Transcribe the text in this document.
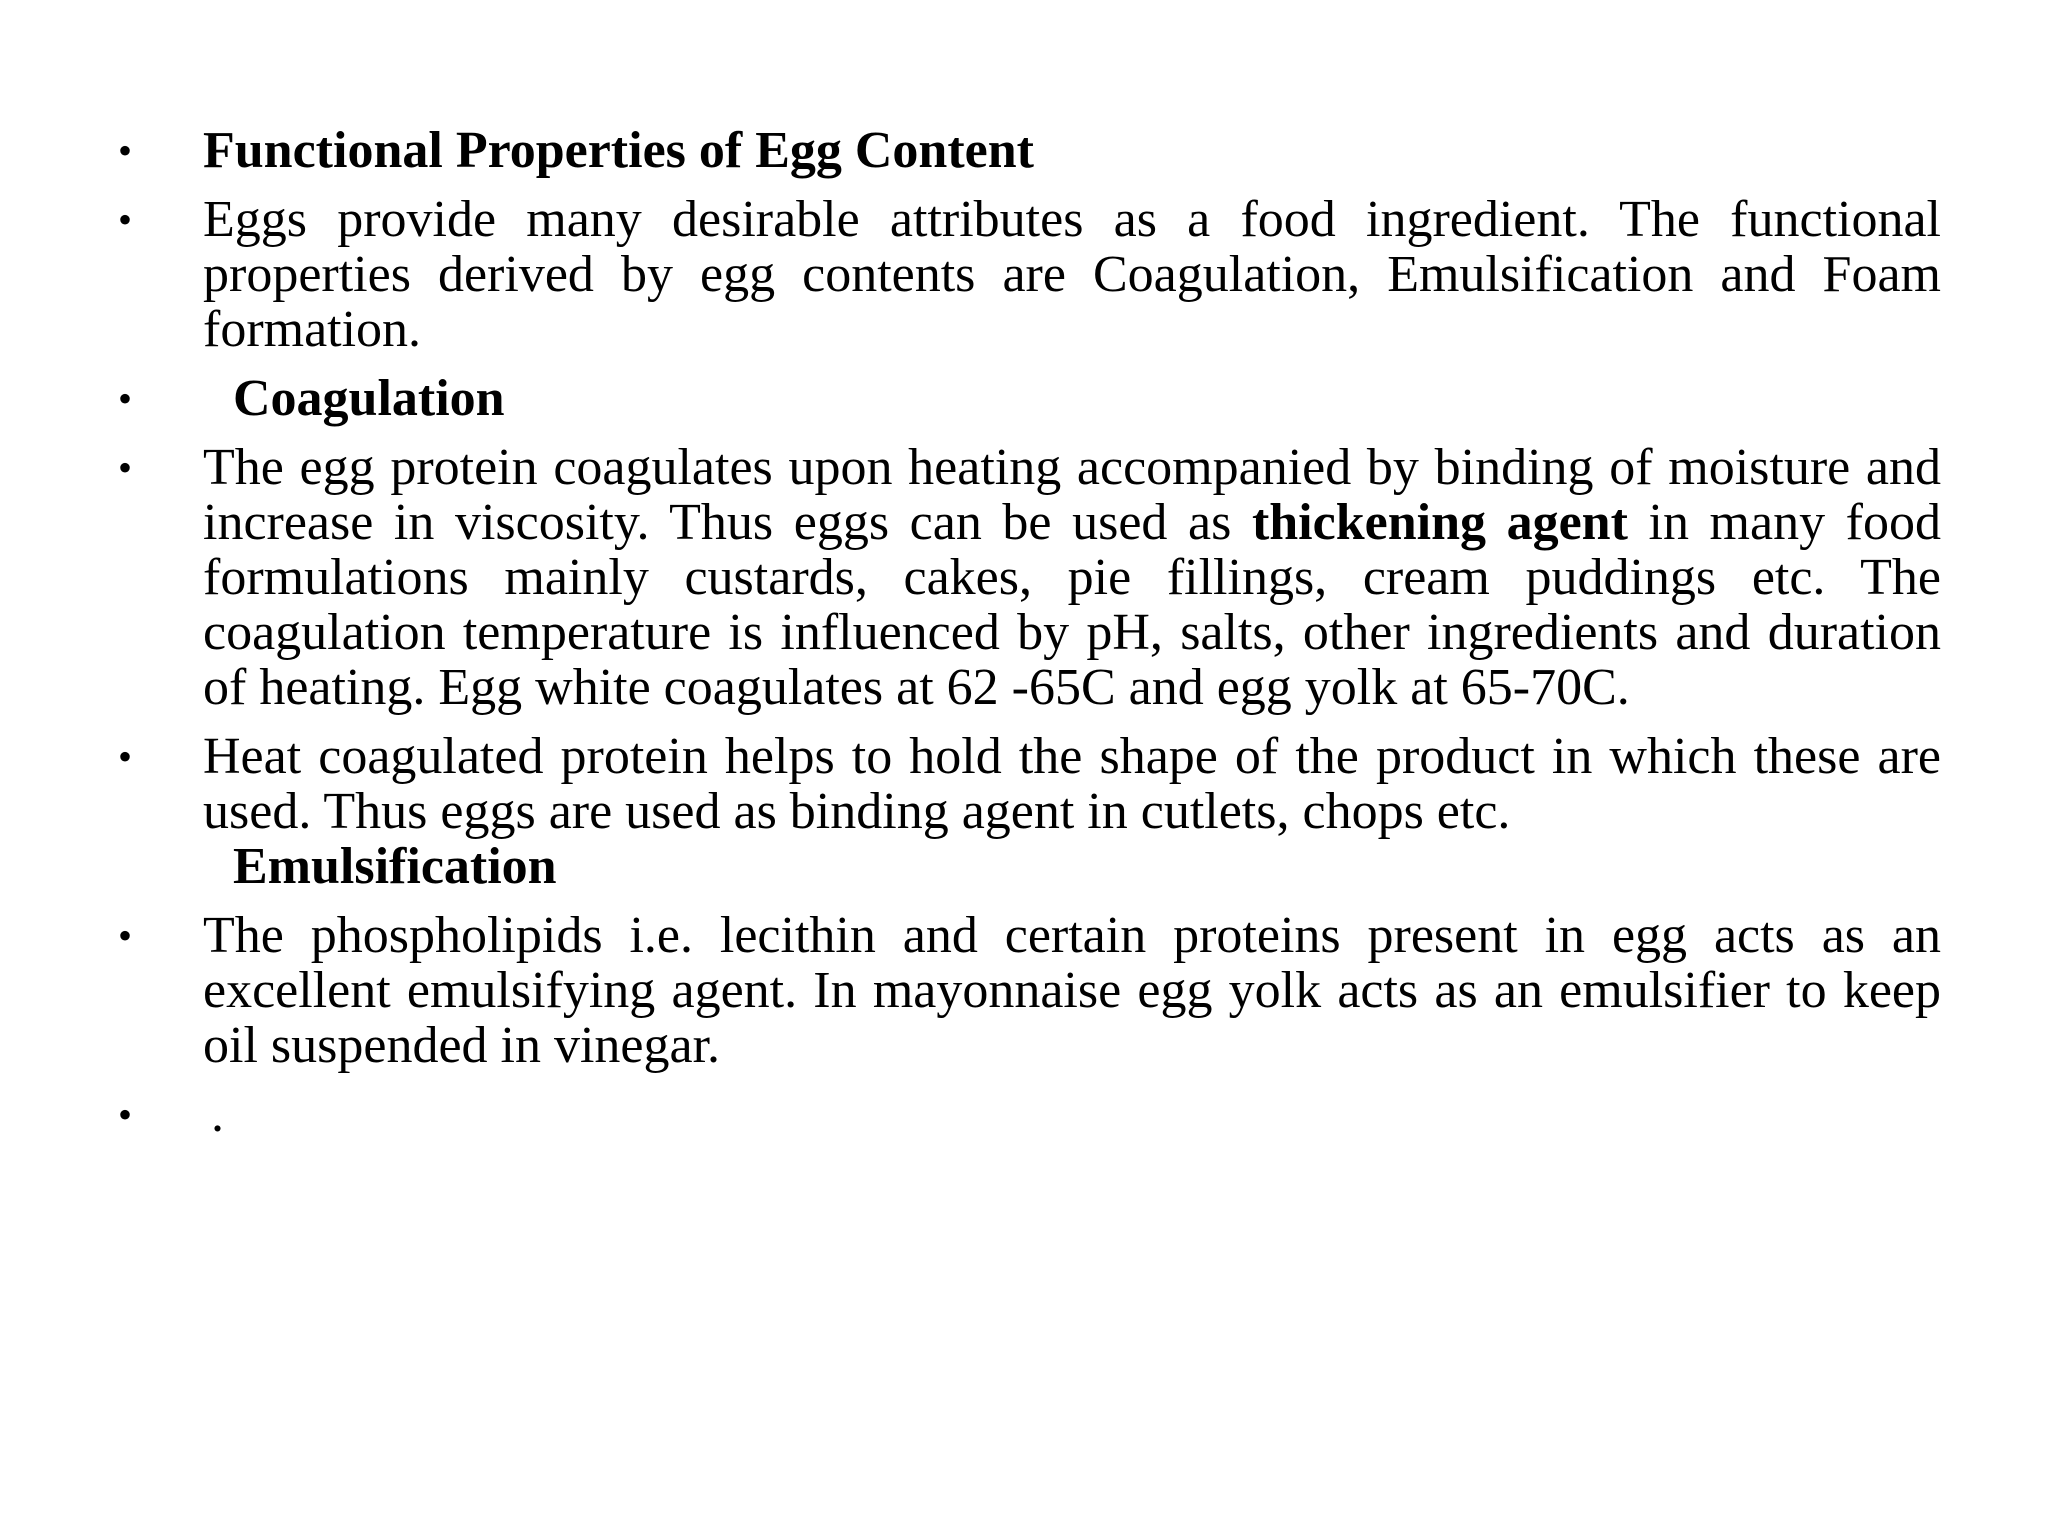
•	Functional Properties of Egg Content
•	Eggs provide many desirable attributes as a food ingredient. The functional properties derived by egg contents are Coagulation, Emulsification and Foam formation.
•	Coagulation
•	The egg protein coagulates upon heating accompanied by binding of moisture and increase in viscosity. Thus eggs can be used as thickening agent in many food formulations mainly custards, cakes, pie fillings, cream puddings etc. The coagulation temperature is influenced by pH, salts, other ingredients and duration of heating. Egg white coagulates at 62 -65C and egg yolk at 65-70C.
•	Heat coagulated protein helps to hold the shape of the product in which these are used. Thus eggs are used as binding agent in cutlets, chops etc.
Emulsification
•	The phospholipids i.e. lecithin and certain proteins present in egg acts as an excellent emulsifying agent. In mayonnaise egg yolk acts as an emulsifier to keep oil suspended in vinegar.
•	.
